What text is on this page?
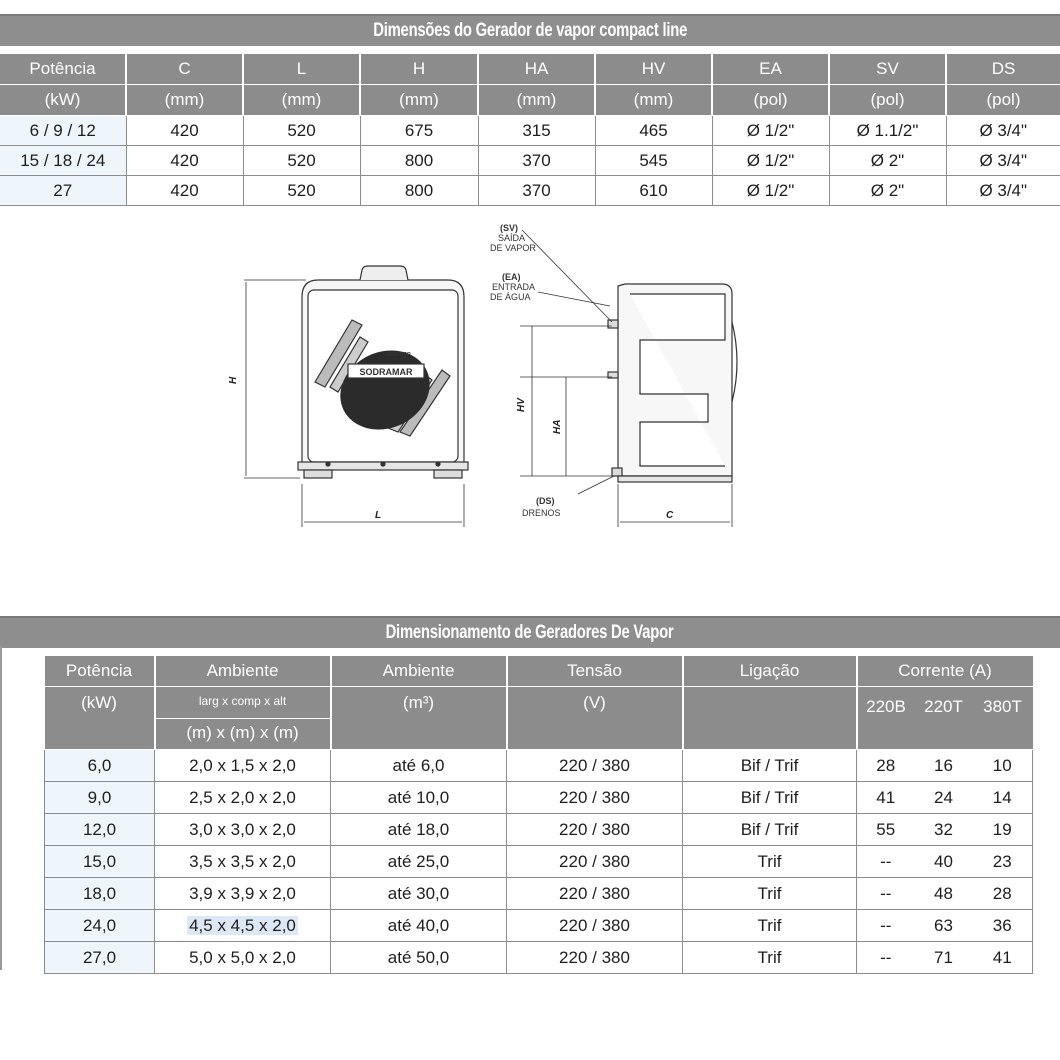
Dimensões do Gerador de vapor compact line
Potência	C	L	H	HA	HV	EA	SV	DS
(kW)	(mm)	(mm)	(mm)	(mm)	(mm)	(pol)	(pol)	(pol)
6 / 9 / 12	420	520	675	315	465	Ø 1/2"	Ø 1.1/2"	Ø 3/4"
15 / 18 / 24	420	520	800	370	545	Ø 1/2"	Ø 2"	Ø 3/4"
27	420	520	800	370	610	Ø 1/2"	Ø 2"	Ø 3/4"
SODRAMAR
GERADOR
DE VAPOR
H
L
(SV)
SAÍDA
DE VAPOR
(EA)
ENTRADA
DE ÁGUA
HV
HA
(DS)
DRENOS	C
Dimensionamento de Geradores De Vapor
Potência	Ambiente	Ambiente	Tensão	Ligação	Corrente (A)		
(kW)	larg x comp x alt	(m³)	(V)		220B	220T	380T
	(m) x (m) x (m)						
6,0	2,0 x 1,5 x 2,0	até 6,0	220 / 380	Bif / Trif	28	16	10
9,0	2,5 x 2,0 x 2,0	até 10,0	220 / 380	Bif / Trif	41	24	14
12,0	3,0 x 3,0 x 2,0	até 18,0	220 / 380	Bif / Trif	55	32	19
15,0	3,5 x 3,5 x 2,0	até 25,0	220 / 380	Trif	--	40	23
18,0	3,9 x 3,9 x 2,0	até 30,0	220 / 380	Trif	--	48	28
24,0	4,5 x 4,5 x 2,0	até 40,0	220 / 380	Trif	--	63	36
27,0	5,0 x 5,0 x 2,0	até 50,0	220 / 380	Trif	--	71	41
